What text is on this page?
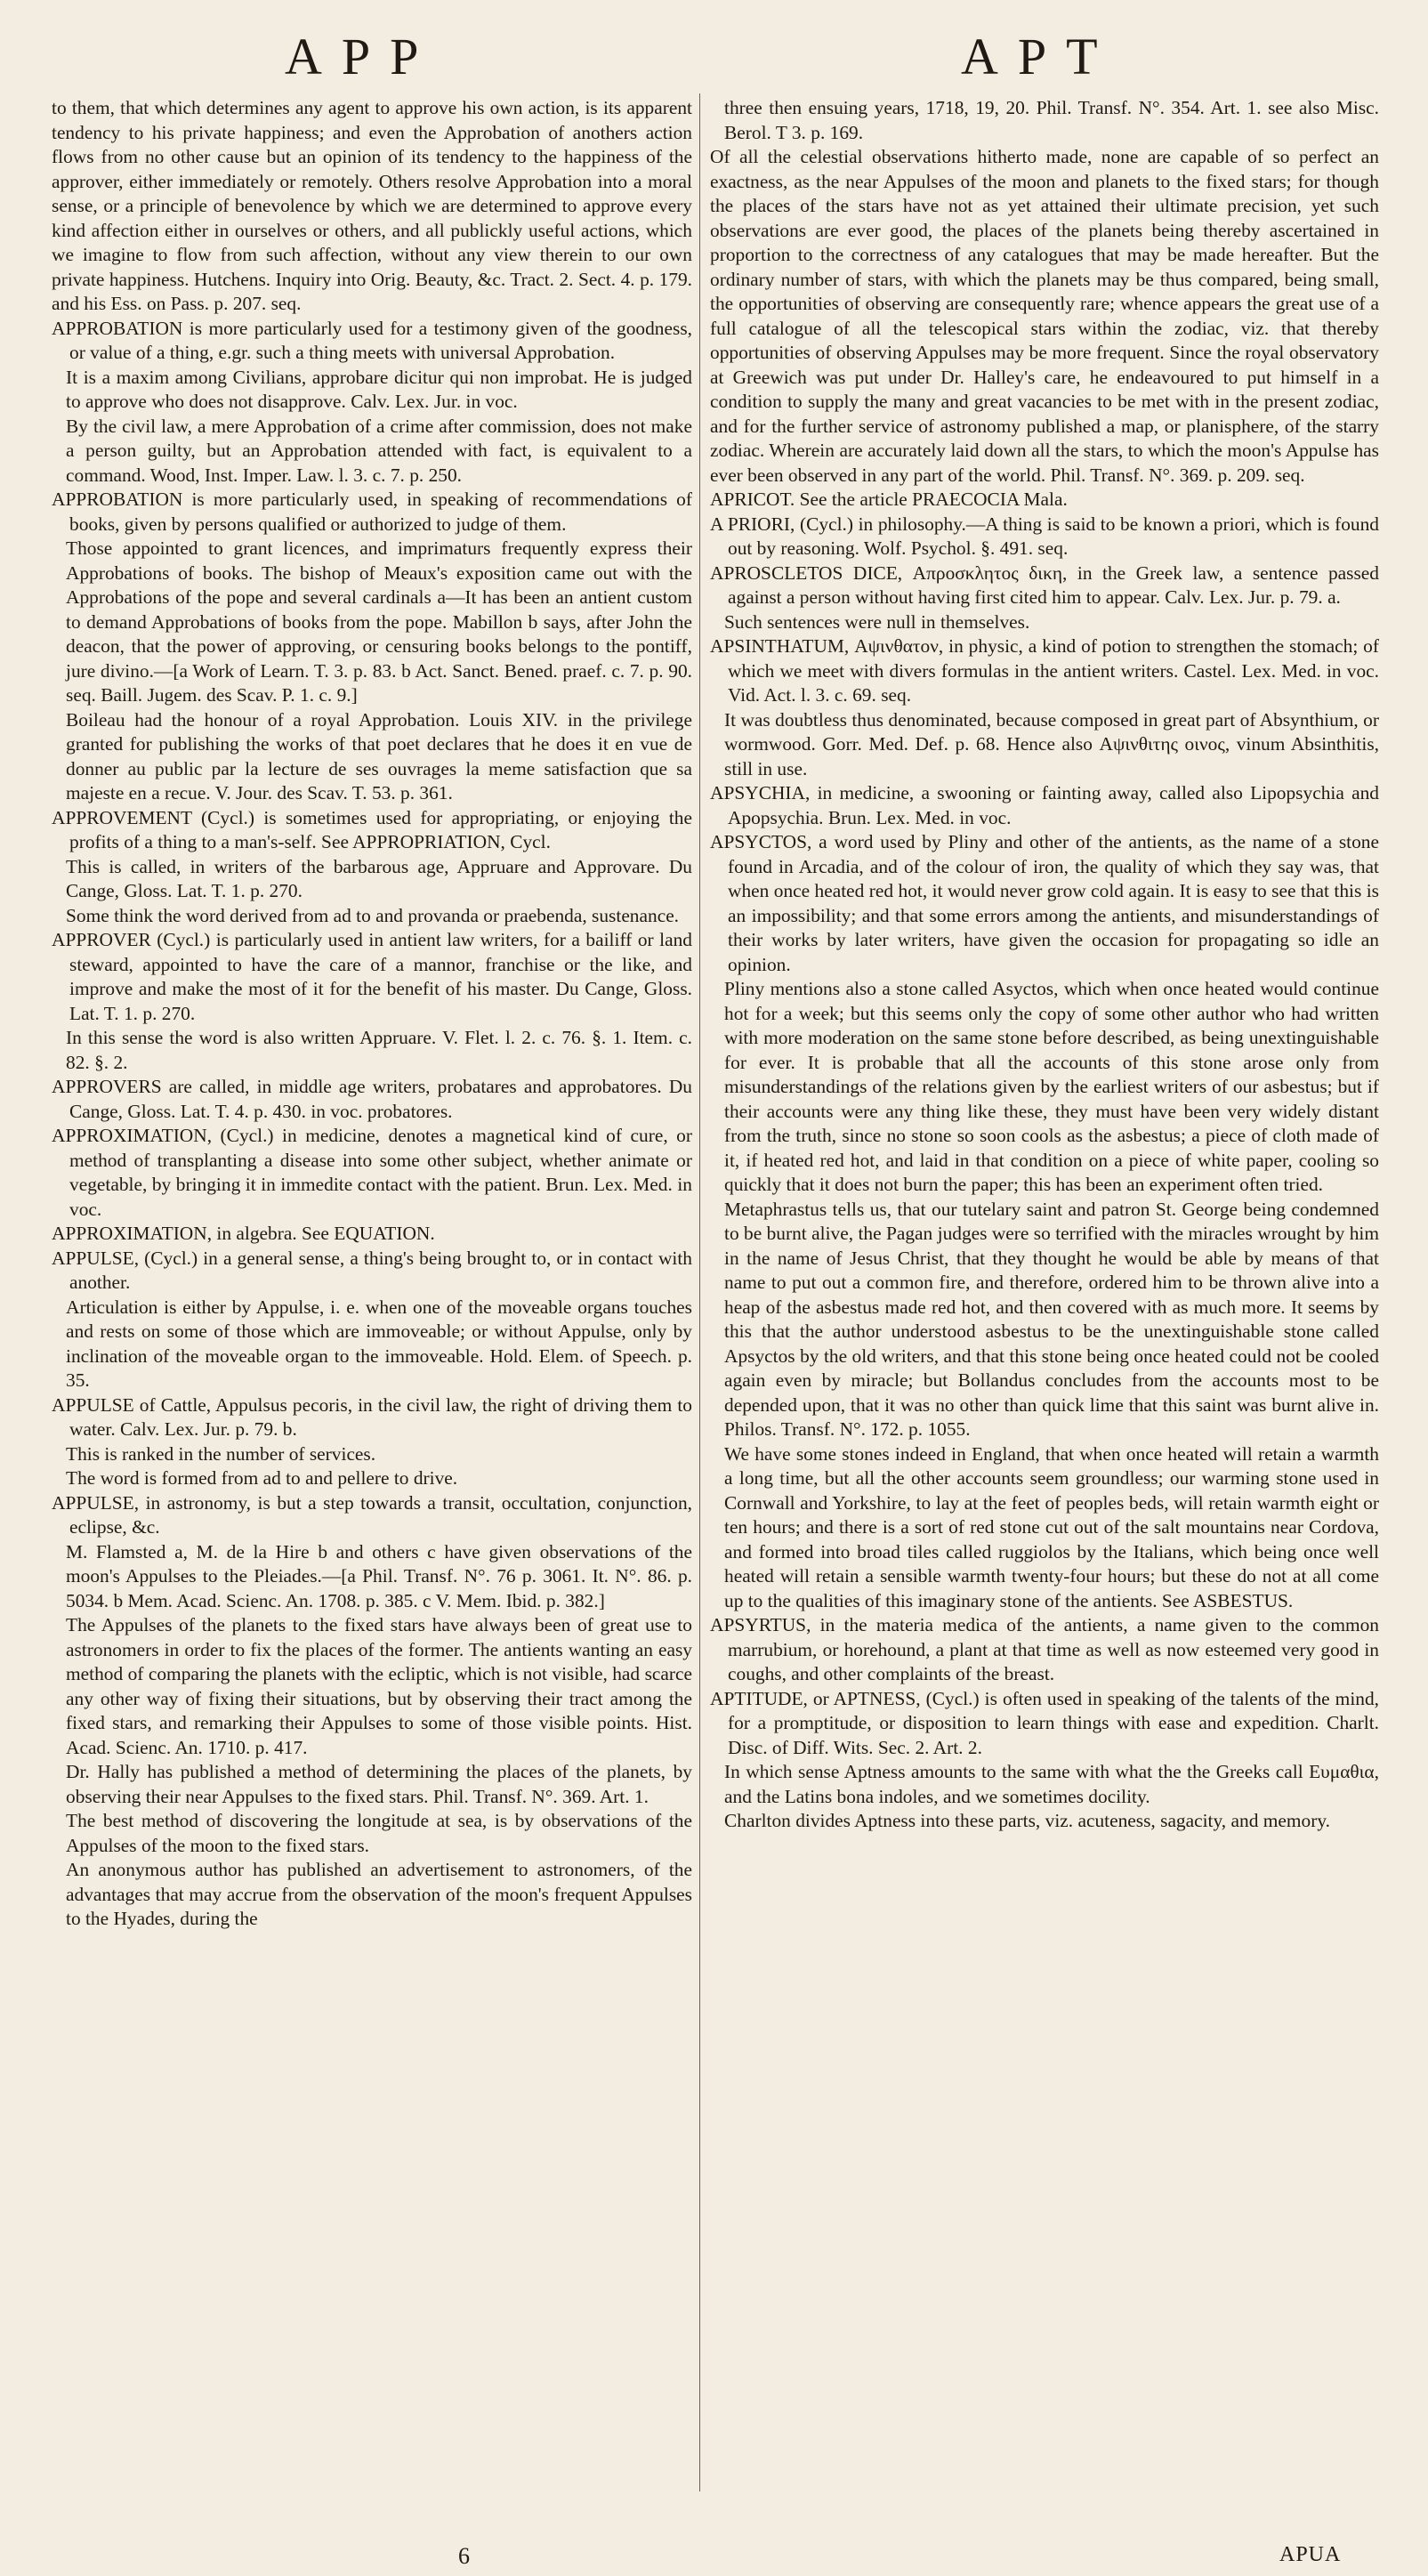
APP	APT

to them, that which determines any agent to approve his own action, is its apparent tendency to his private happiness; and even the Approbation of anothers action flows from no other cause but an opinion of its tendency to the happiness of the approver, either immediately or remotely. Others resolve Approbation into a moral sense, or a principle of benevolence by which we are determined to approve every kind affection either in ourselves or others, and all publickly useful actions, which we imagine to flow from such affection, without any view therein to our own private happiness. Hutchens. Inquiry into Orig. Beauty, &c. Tract. 2. Sect. 4. p. 179. and his Ess. on Pass. p. 207. seq.

APPROBATION is more particularly used for a testimony given of the goodness, or value of a thing, e.gr. such a thing meets with universal Approbation.

It is a maxim among Civilians, approbare dicitur qui non improbat. He is judged to approve who does not disapprove. Calv. Lex. Jur. in voc.

By the civil law, a mere Approbation of a crime after commission, does not make a person guilty, but an Approbation attended with fact, is equivalent to a command. Wood, Inst. Imper. Law. l. 3. c. 7. p. 250.

APPROBATION is more particularly used, in speaking of recommendations of books, given by persons qualified or authorized to judge of them.

Those appointed to grant licences, and imprimaturs frequently express their Approbations of books. The bishop of Meaux's exposition came out with the Approbations of the pope and several cardinals a—It has been an antient custom to demand Approbations of books from the pope. Mabillon b says, after John the deacon, that the power of approving, or censuring books belongs to the pontiff, jure divino.—[a Work of Learn. T. 3. p. 83. b Act. Sanct. Bened. praef. c. 7. p. 90. seq. Baill. Jugem. des Scav. P. 1. c. 9.]

Boileau had the honour of a royal Approbation. Louis XIV. in the privilege granted for publishing the works of that poet declares that he does it en vue de donner au public par la lecture de ses ouvrages la meme satisfaction que sa majeste en a recue. V. Jour. des Scav. T. 53. p. 361.

APPROVEMENT (Cycl.) is sometimes used for appropriating, or enjoying the profits of a thing to a man's-self. See APPROPRIATION, Cycl.

This is called, in writers of the barbarous age, Appruare and Approvare. Du Cange, Gloss. Lat. T. 1. p. 270.

Some think the word derived from ad to and provanda or praebenda, sustenance.

APPROVER (Cycl.) is particularly used in antient law writers, for a bailiff or land steward, appointed to have the care of a mannor, franchise or the like, and improve and make the most of it for the benefit of his master. Du Cange, Gloss. Lat. T. 1. p. 270.

In this sense the word is also written Appruare. V. Flet. l. 2. c. 76. §. 1. Item. c. 82. §. 2.

APPROVERS are called, in middle age writers, probatares and approbatores. Du Cange, Gloss. Lat. T. 4. p. 430. in voc. probatores.

APPROXIMATION, (Cycl.) in medicine, denotes a magnetical kind of cure, or method of transplanting a disease into some other subject, whether animate or vegetable, by bringing it in immedite contact with the patient. Brun. Lex. Med. in voc.

APPROXIMATION, in algebra. See EQUATION.

APPULSE, (Cycl.) in a general sense, a thing's being brought to, or in contact with another.

Articulation is either by Appulse, i. e. when one of the moveable organs touches and rests on some of those which are immoveable; or without Appulse, only by inclination of the moveable organ to the immoveable. Hold. Elem. of Speech. p. 35.

APPULSE of Cattle, Appulsus pecoris, in the civil law, the right of driving them to water. Calv. Lex. Jur. p. 79. b.

This is ranked in the number of services.

The word is formed from ad to and pellere to drive.

APPULSE, in astronomy, is but a step towards a transit, occultation, conjunction, eclipse, &c.

M. Flamsted a, M. de la Hire b and others c have given observations of the moon's Appulses to the Pleiades.—[a Phil. Transf. N°. 76 p. 3061. It. N°. 86. p. 5034. b Mem. Acad. Scienc. An. 1708. p. 385. c V. Mem. Ibid. p. 382.]

The Appulses of the planets to the fixed stars have always been of great use to astronomers in order to fix the places of the former. The antients wanting an easy method of comparing the planets with the ecliptic, which is not visible, had scarce any other way of fixing their situations, but by observing their tract among the fixed stars, and remarking their Appulses to some of those visible points. Hist. Acad. Scienc. An. 1710. p. 417.

Dr. Hally has published a method of determining the places of the planets, by observing their near Appulses to the fixed stars. Phil. Transf. N°. 369. Art. 1.

The best method of discovering the longitude at sea, is by observations of the Appulses of the moon to the fixed stars.

An anonymous author has published an advertisement to astronomers, of the advantages that may accrue from the observation of the moon's frequent Appulses to the Hyades, during the

three then ensuing years, 1718, 19, 20. Phil. Transf. N°. 354. Art. 1. see also Misc. Berol. T 3. p. 169.

Of all the celestial observations hitherto made, none are capable of so perfect an exactness, as the near Appulses of the moon and planets to the fixed stars; for though the places of the stars have not as yet attained their ultimate precision, yet such observations are ever good, the places of the planets being thereby ascertained in proportion to the correctness of any catalogues that may be made hereafter. But the ordinary number of stars, with which the planets may be thus compared, being small, the opportunities of observing are consequently rare; whence appears the great use of a full catalogue of all the telescopical stars within the zodiac, viz. that thereby opportunities of observing Appulses may be more frequent. Since the royal observatory at Greewich was put under Dr. Halley's care, he endeavoured to put himself in a condition to supply the many and great vacancies to be met with in the present zodiac, and for the further service of astronomy published a map, or planisphere, of the starry zodiac. Wherein are accurately laid down all the stars, to which the moon's Appulse has ever been observed in any part of the world. Phil. Transf. N°. 369. p. 209. seq.

APRICOT. See the article PRAECOCIA Mala.

A PRIORI, (Cycl.) in philosophy.—A thing is said to be known a priori, which is found out by reasoning. Wolf. Psychol. §. 491. seq.

APROSCLETOS DICE, Απροσκλητος δικη, in the Greek law, a sentence passed against a person without having first cited him to appear. Calv. Lex. Jur. p. 79. a.

Such sentences were null in themselves.

APSINTHATUM, Αψινθατον, in physic, a kind of potion to strengthen the stomach; of which we meet with divers formulas in the antient writers. Castel. Lex. Med. in voc. Vid. Act. l. 3. c. 69. seq.

It was doubtless thus denominated, because composed in great part of Absynthium, or wormwood. Gorr. Med. Def. p. 68. Hence also Αψινθιτης οινος, vinum Absinthitis, still in use.

APSYCHIA, in medicine, a swooning or fainting away, called also Lipopsychia and Apopsychia. Brun. Lex. Med. in voc.

APSYCTOS, a word used by Pliny and other of the antients, as the name of a stone found in Arcadia, and of the colour of iron, the quality of which they say was, that when once heated red hot, it would never grow cold again. It is easy to see that this is an impossibility; and that some errors among the antients, and misunderstandings of their works by later writers, have given the occasion for propagating so idle an opinion.

Pliny mentions also a stone called Asyctos, which when once heated would continue hot for a week; but this seems only the copy of some other author who had written with more moderation on the same stone before described, as being unextinguishable for ever. It is probable that all the accounts of this stone arose only from misunderstandings of the relations given by the earliest writers of our asbestus; but if their accounts were any thing like these, they must have been very widely distant from the truth, since no stone so soon cools as the asbestus; a piece of cloth made of it, if heated red hot, and laid in that condition on a piece of white paper, cooling so quickly that it does not burn the paper; this has been an experiment often tried.

Metaphrastus tells us, that our tutelary saint and patron St. George being condemned to be burnt alive, the Pagan judges were so terrified with the miracles wrought by him in the name of Jesus Christ, that they thought he would be able by means of that name to put out a common fire, and therefore, ordered him to be thrown alive into a heap of the asbestus made red hot, and then covered with as much more. It seems by this that the author understood asbestus to be the unextinguishable stone called Apsyctos by the old writers, and that this stone being once heated could not be cooled again even by miracle; but Bollandus concludes from the accounts most to be depended upon, that it was no other than quick lime that this saint was burnt alive in. Philos. Transf. N°. 172. p. 1055.

We have some stones indeed in England, that when once heated will retain a warmth a long time, but all the other accounts seem groundless; our warming stone used in Cornwall and Yorkshire, to lay at the feet of peoples beds, will retain warmth eight or ten hours; and there is a sort of red stone cut out of the salt mountains near Cordova, and formed into broad tiles called ruggiolos by the Italians, which being once well heated will retain a sensible warmth twenty-four hours; but these do not at all come up to the qualities of this imaginary stone of the antients. See ASBESTUS.

APSYRTUS, in the materia medica of the antients, a name given to the common marrubium, or horehound, a plant at that time as well as now esteemed very good in coughs, and other complaints of the breast.

APTITUDE, or APTNESS, (Cycl.) is often used in speaking of the talents of the mind, for a promptitude, or disposition to learn things with ease and expedition. Charlt. Disc. of Diff. Wits. Sec. 2. Art. 2.

In which sense Aptness amounts to the same with what the the Greeks call Ευμαθια, and the Latins bona indoles, and we sometimes docility.

Charlton divides Aptness into these parts, viz. acuteness, sagacity, and memory.

6	APUA
